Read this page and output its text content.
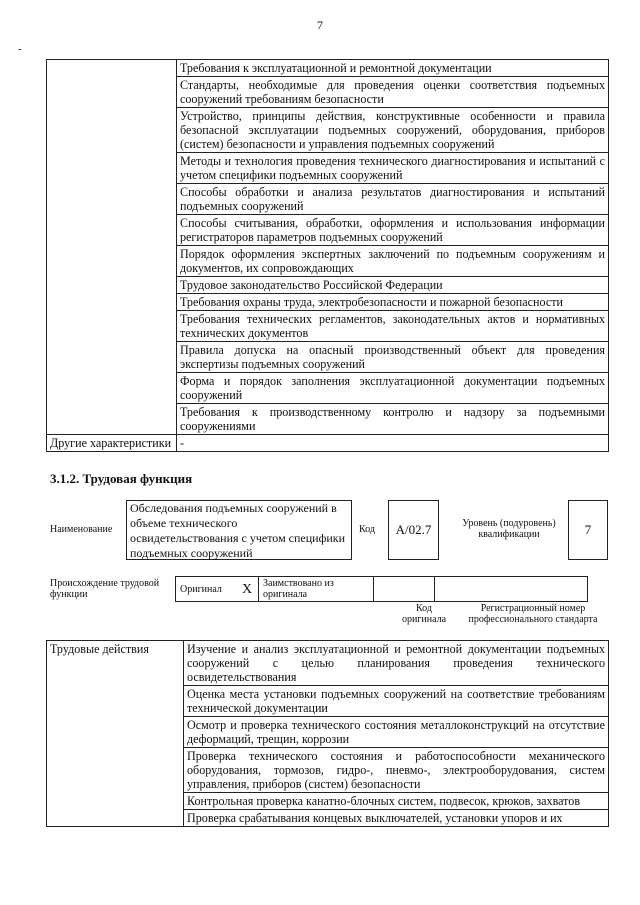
7
-
	Требования к эксплуатационной и ремонтной документации
	Стандарты, необходимые для проведения оценки соответствия подъемных сооружений требованиям безопасности
	Устройство, принципы действия, конструктивные особенности и правила безопасной эксплуатации подъемных сооружений, оборудования, приборов (систем) безопасности и управления подъемных сооружений
	Методы и технология проведения технического диагностирования и испытаний с учетом специфики подъемных сооружений
	Способы обработки и анализа результатов диагностирования и испытаний подъемных сооружений
	Способы считывания, обработки, оформления и использования информации регистраторов параметров подъемных сооружений
	Порядок оформления экспертных заключений по подъемным сооружениям и документов, их сопровождающих
	Трудовое законодательство Российской Федерации
	Требования охраны труда, электробезопасности и пожарной безопасности
	Требования технических регламентов, законодательных актов и нормативных технических документов
	Правила допуска на опасный производственный объект для проведения экспертизы подъемных сооружений
	Форма и порядок заполнения эксплуатационной документации подъемных сооружений
	Требования к производственному контролю и надзору за подъемными сооружениями
Другие характеристики	-
3.1.2. Трудовая функция
Наименование
Обследования подъемных сооружений в объеме технического освидетельствования с учетом специфики подъемных сооружений
Код	А/02.7	Уровень (подуровень) квалификации	7
Происхождение трудовой функции	Оригинал	X	Заимствовано из оригинала		
Код оригинала
Регистрационный номер профессионального стандарта
Трудовые действия	Изучение и анализ эксплуатационной и ремонтной документации подъемных сооружений с целью планирования проведения технического освидетельствования
Оценка места установки подъемных сооружений на соответствие требованиям технической документации
Осмотр и проверка технического состояния металлоконструкций на отсутствие деформаций, трещин, коррозии
Проверка технического состояния и работоспособности механического оборудования, тормозов, гидро-, пневмо-, электрооборудования, систем управления, приборов (систем) безопасности
Контрольная проверка канатно-блочных систем, подвесок, крюков, захватов
Проверка срабатывания концевых выключателей, установки упоров и их
